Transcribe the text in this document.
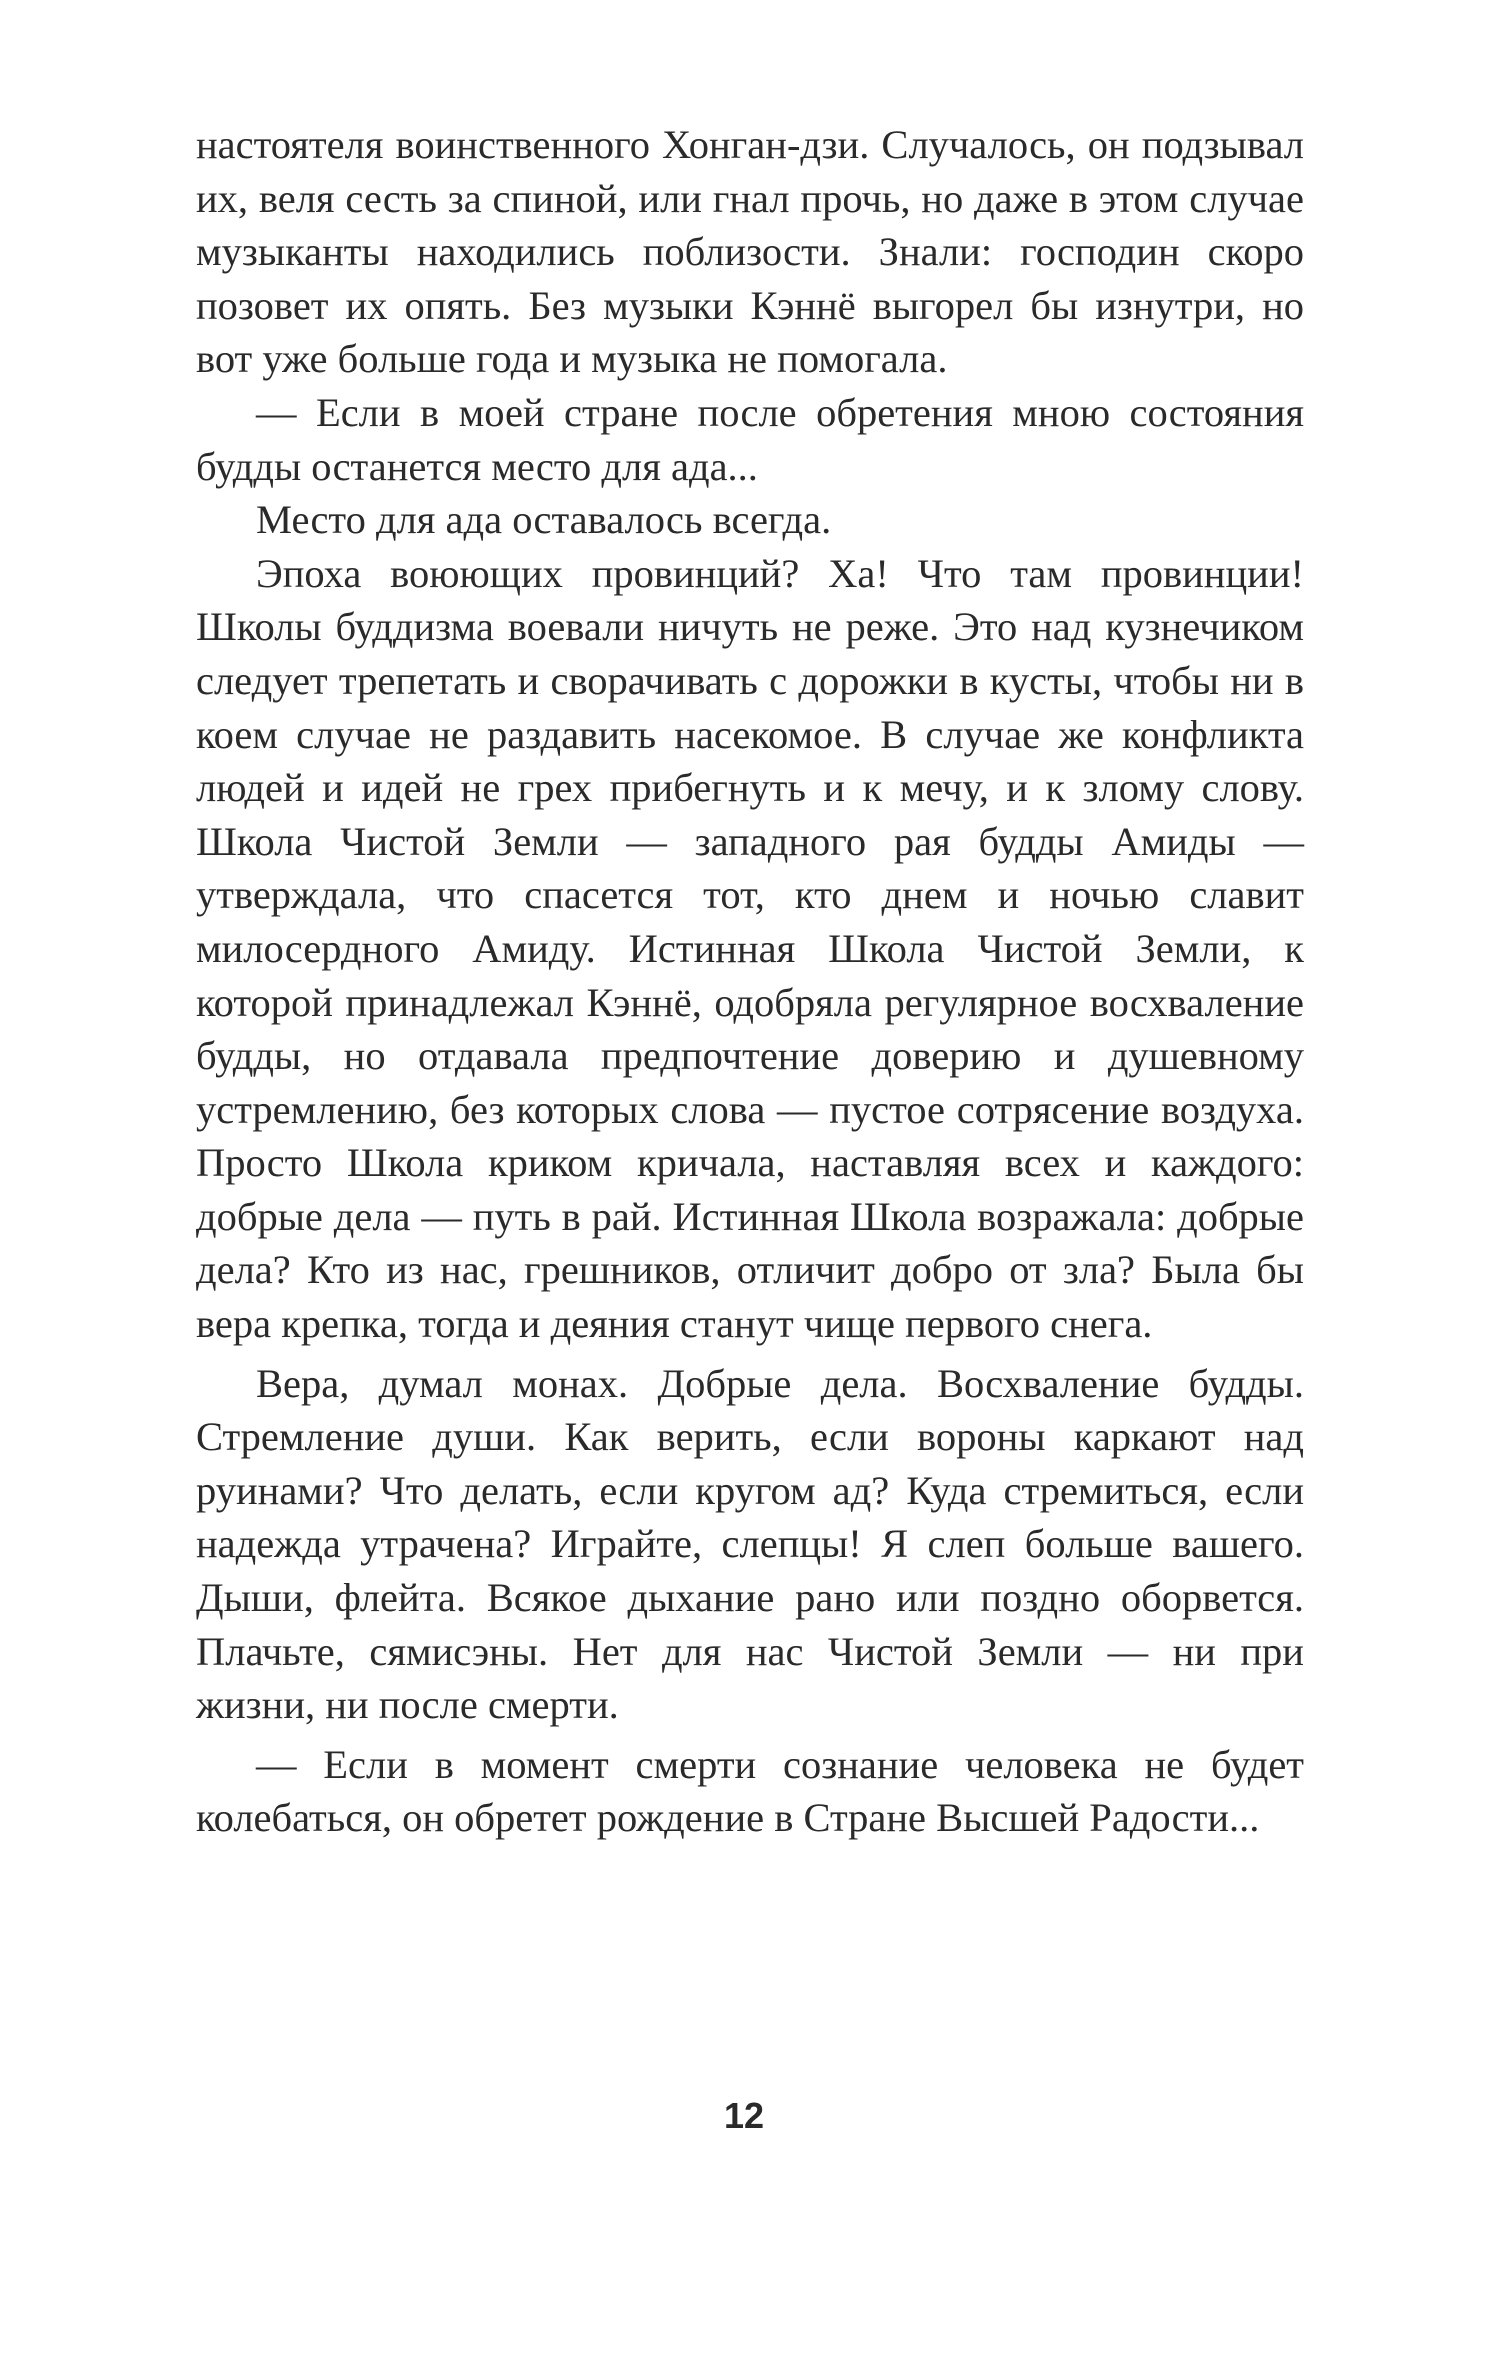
настоятеля воинственного Хонган-дзи. Случалось, он подзывал их, веля сесть за спиной, или гнал прочь, но даже в этом случае музыканты находились поблизости. Знали: господин скоро позовет их опять. Без музыки Кэннё выгорел бы изнутри, но вот уже больше года и музыка не помогала.

— Если в моей стране после обретения мною состояния будды останется место для ада...

Место для ада оставалось всегда.

Эпоха воюющих провинций? Ха! Что там провинции! Школы буддизма воевали ничуть не реже. Это над кузнечиком следует трепетать и сворачивать с дорожки в кусты, чтобы ни в коем случае не раздавить насекомое. В случае же конфликта людей и идей не грех прибегнуть и к мечу, и к злому слову. Школа Чистой Земли — западного рая будды Амиды — утверждала, что спасется тот, кто днем и ночью славит милосердного Амиду. Истинная Школа Чистой Земли, к которой принадлежал Кэннё, одобряла регулярное восхваление будды, но отдавала предпочтение доверию и душевному устремлению, без которых слова — пустое сотрясение воздуха. Просто Школа криком кричала, наставляя всех и каждого: добрые дела — путь в рай. Истинная Школа возражала: добрые дела? Кто из нас, грешников, отличит добро от зла? Была бы вера крепка, тогда и деяния станут чище первого снега.

Вера, думал монах. Добрые дела. Восхваление будды. Стремление души. Как верить, если вороны каркают над руинами? Что делать, если кругом ад? Куда стремиться, если надежда утрачена? Играйте, слепцы! Я слеп больше вашего. Дыши, флейта. Всякое дыхание рано или поздно оборвется. Плачьте, сямисэны. Нет для нас Чистой Земли — ни при жизни, ни после смерти.

— Если в момент смерти сознание человека не будет колебаться, он обретет рождение в Стране Высшей Радости...

12
